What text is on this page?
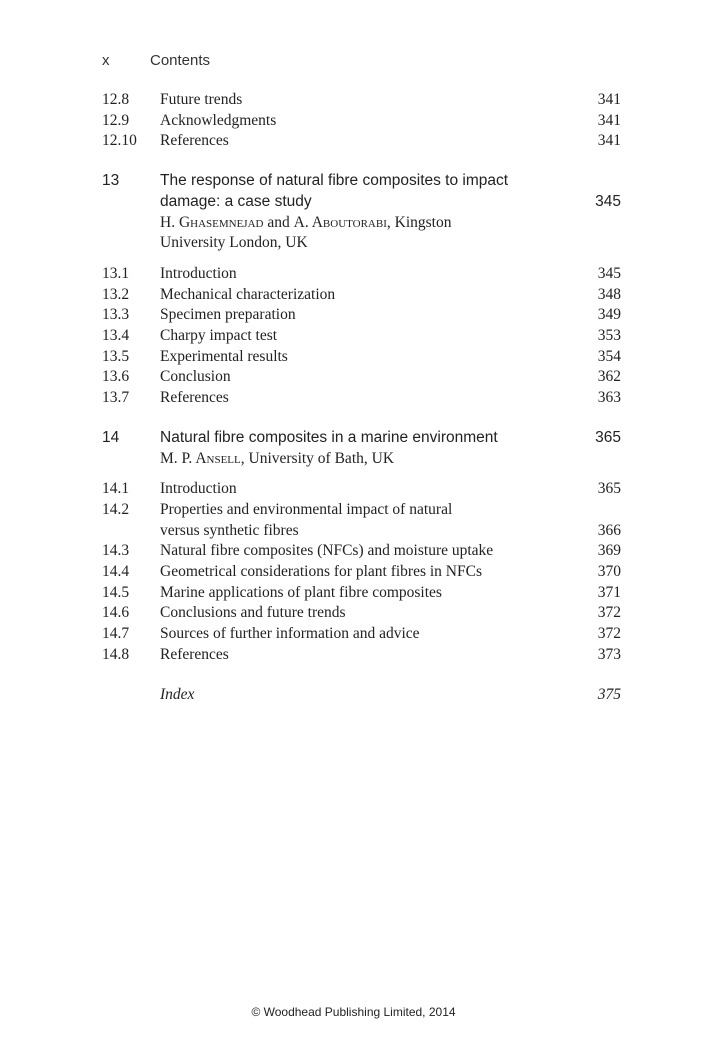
x	Contents
12.8 Future trends	341
12.9 Acknowledgments	341
12.10 References	341
13	The response of natural fibre composites to impact
damage: a case study	345
H. Ghasemnejad and A. Aboutorabi, Kingston
University London, UK
13.1 Introduction	345
13.2 Mechanical characterization	348
13.3 Specimen preparation	349
13.4 Charpy impact test	353
13.5 Experimental results	354
13.6 Conclusion	362
13.7 References	363
14	Natural fibre composites in a marine environment	365
M. P. Ansell, University of Bath, UK
14.1 Introduction	365
14.2 Properties and environmental impact of natural
versus synthetic fibres	366
14.3 Natural fibre composites (NFCs) and moisture uptake	369
14.4 Geometrical considerations for plant fibres in NFCs	370
14.5 Marine applications of plant fibre composites	371
14.6 Conclusions and future trends	372
14.7 Sources of further information and advice	372
14.8 References	373
Index	375
© Woodhead Publishing Limited, 2014
